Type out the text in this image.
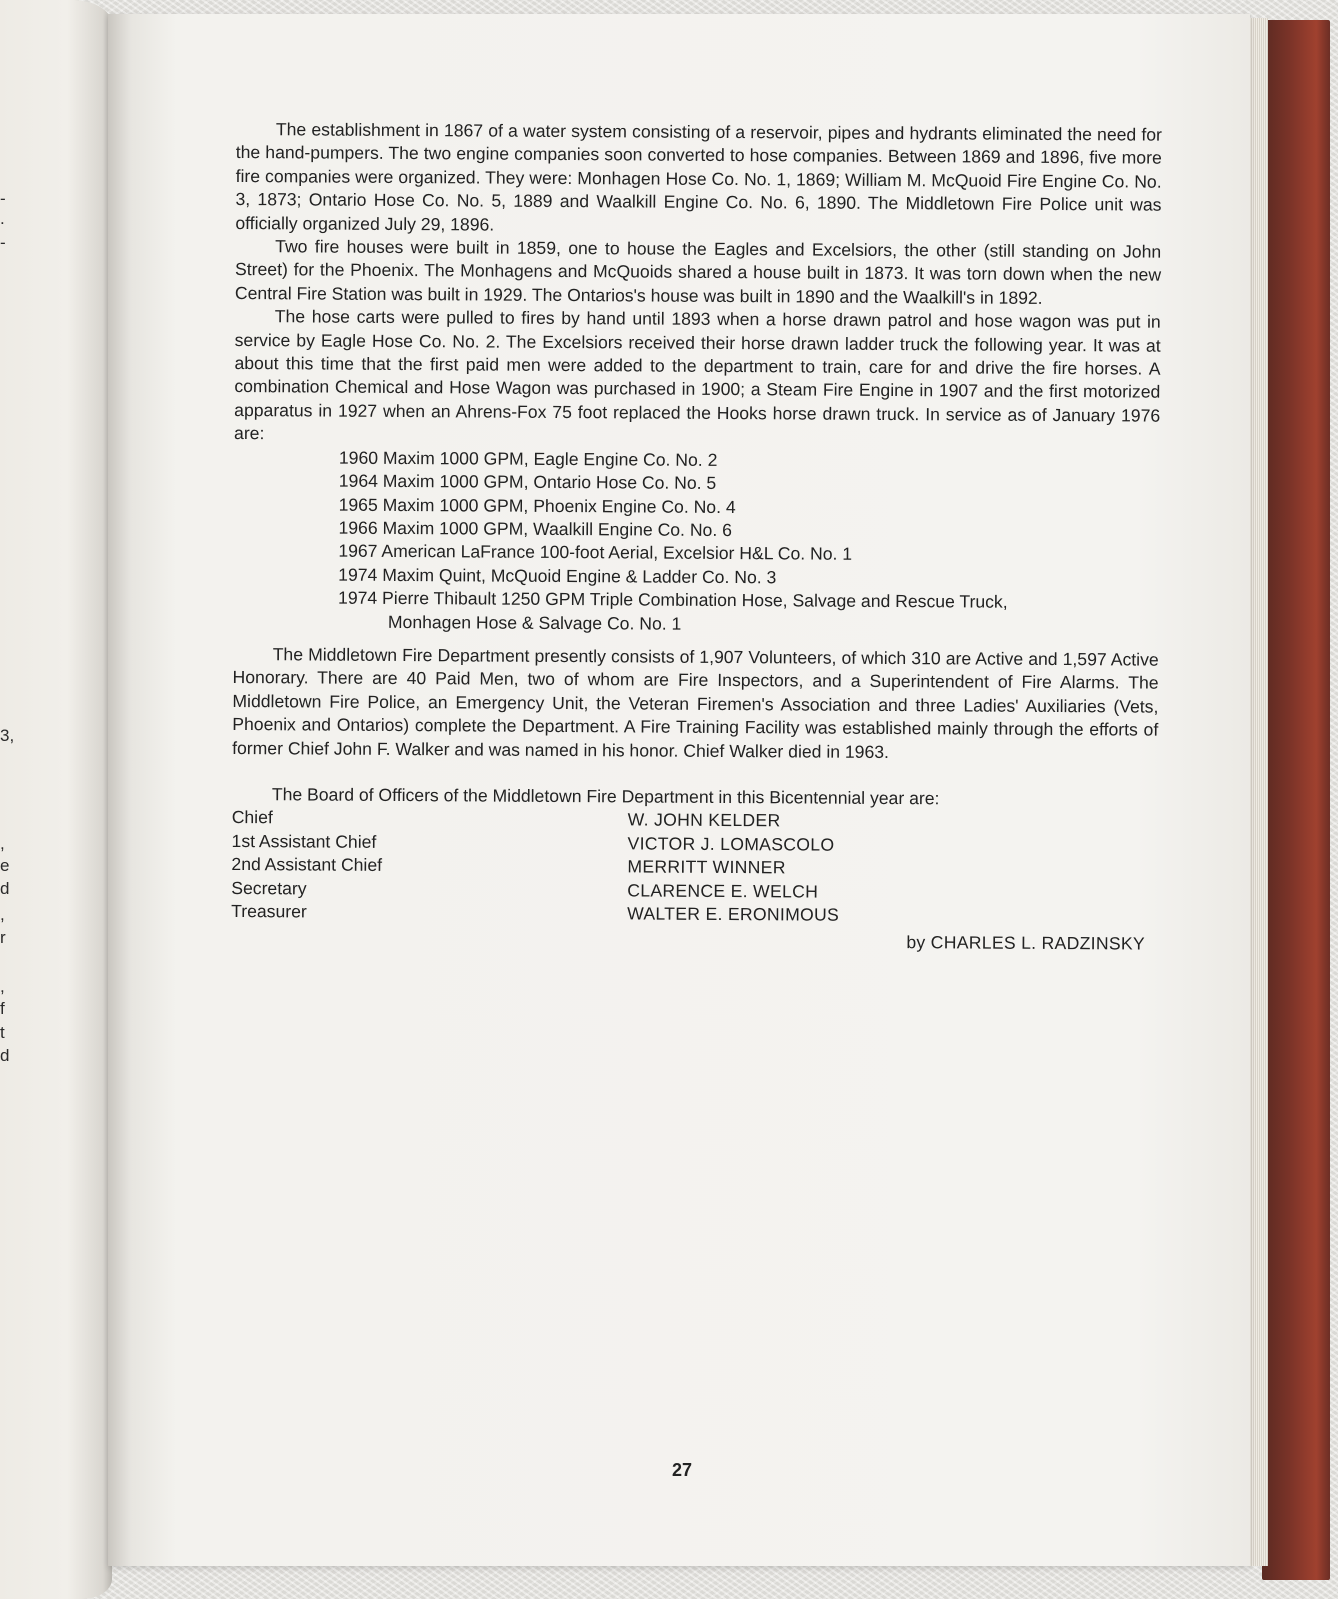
-
.
-
3,
,
e
d
,
r
,
f
t
d

The establishment in 1867 of a water system consisting of a reservoir, pipes and hydrants eliminated the need for the hand-pumpers. The two engine companies soon converted to hose companies. Between 1869 and 1896, five more fire companies were organized. They were: Monhagen Hose Co. No. 1, 1869; William M. McQuoid Fire Engine Co. No. 3, 1873; Ontario Hose Co. No. 5, 1889 and Waalkill Engine Co. No. 6, 1890. The Middletown Fire Police unit was officially organized July 29, 1896.

Two fire houses were built in 1859, one to house the Eagles and Excelsiors, the other (still standing on John Street) for the Phoenix. The Monhagens and McQuoids shared a house built in 1873. It was torn down when the new Central Fire Station was built in 1929. The Ontarios's house was built in 1890 and the Waalkill's in 1892.

The hose carts were pulled to fires by hand until 1893 when a horse drawn patrol and hose wagon was put in service by Eagle Hose Co. No. 2. The Excelsiors received their horse drawn ladder truck the following year. It was at about this time that the first paid men were added to the department to train, care for and drive the fire horses. A combination Chemical and Hose Wagon was purchased in 1900; a Steam Fire Engine in 1907 and the first motorized apparatus in 1927 when an Ahrens-Fox 75 foot replaced the Hooks horse drawn truck. In service as of January 1976 are:

1960 Maxim 1000 GPM, Eagle Engine Co. No. 2
1964 Maxim 1000 GPM, Ontario Hose Co. No. 5
1965 Maxim 1000 GPM, Phoenix Engine Co. No. 4
1966 Maxim 1000 GPM, Waalkill Engine Co. No. 6
1967 American LaFrance 100-foot Aerial, Excelsior H&L Co. No. 1
1974 Maxim Quint, McQuoid Engine & Ladder Co. No. 3
1974 Pierre Thibault 1250 GPM Triple Combination Hose, Salvage and Rescue Truck,
Monhagen Hose & Salvage Co. No. 1

The Middletown Fire Department presently consists of 1,907 Volunteers, of which 310 are Active and 1,597 Active Honorary. There are 40 Paid Men, two of whom are Fire Inspectors, and a Superintendent of Fire Alarms. The Middletown Fire Police, an Emergency Unit, the Veteran Firemen's Association and three Ladies' Auxiliaries (Vets, Phoenix and Ontarios) complete the Department. A Fire Training Facility was established mainly through the efforts of former Chief John F. Walker and was named in his honor. Chief Walker died in 1963.

The Board of Officers of the Middletown Fire Department in this Bicentennial year are:

Chief	W. JOHN KELDER
1st Assistant Chief	VICTOR J. LOMASCOLO
2nd Assistant Chief	MERRITT WINNER
Secretary	CLARENCE E. WELCH
Treasurer	WALTER E. ERONIMOUS
by CHARLES L. RADZINSKY
27
